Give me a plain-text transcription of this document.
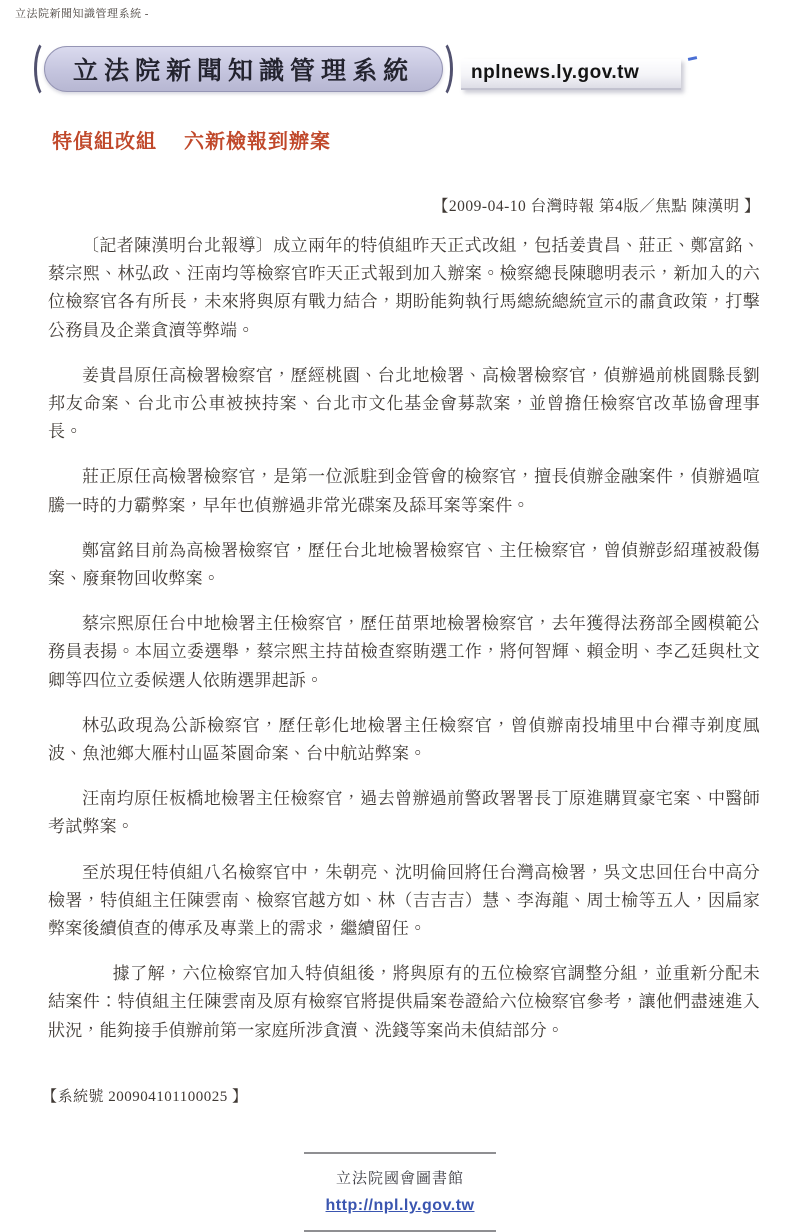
立法院新聞知識管理系統 -
立法院新聞知識管理系統	nplnews.ly.gov.tw
特偵組改組　 六新檢報到辦案
【2009-04-10 台灣時報 第4版／焦點 陳漢明 】

〔記者陳漢明台北報導〕成立兩年的特偵組昨天正式改組，包括姜貴昌、莊正、鄭富銘、蔡宗熙、林弘政、汪南均等檢察官昨天正式報到加入辦案。檢察總長陳聰明表示，新加入的六位檢察官各有所長，未來將與原有戰力結合，期盼能夠執行馬總統總統宣示的肅貪政策，打擊公務員及企業貪瀆等弊端。

姜貴昌原任高檢署檢察官，歷經桃園、台北地檢署、高檢署檢察官，偵辦過前桃園縣長劉邦友命案、台北市公車被挾持案、台北市文化基金會募款案，並曾擔任檢察官改革協會理事長。

莊正原任高檢署檢察官，是第一位派駐到金管會的檢察官，擅長偵辦金融案件，偵辦過喧騰一時的力霸弊案，早年也偵辦過非常光碟案及舔耳案等案件。

鄭富銘目前為高檢署檢察官，歷任台北地檢署檢察官、主任檢察官，曾偵辦彭紹瑾被殺傷案、廢棄物回收弊案。

蔡宗熙原任台中地檢署主任檢察官，歷任苗栗地檢署檢察官，去年獲得法務部全國模範公務員表揚。本屆立委選舉，蔡宗熙主持苗檢查察賄選工作，將何智輝、賴金明、李乙廷與杜文卿等四位立委候選人依賄選罪起訴。

林弘政現為公訴檢察官，歷任彰化地檢署主任檢察官，曾偵辦南投埔里中台禪寺剃度風波、魚池鄉大雁村山區茶園命案、台中航站弊案。

汪南均原任板橋地檢署主任檢察官，過去曾辦過前警政署署長丁原進購買豪宅案、中醫師考試弊案。

至於現任特偵組八名檢察官中，朱朝亮、沈明倫回將任台灣高檢署，吳文忠回任台中高分檢署，特偵組主任陳雲南、檢察官越方如、林（吉吉吉）慧、李海龍、周士榆等五人，因扁家弊案後續偵查的傳承及專業上的需求，繼續留任。

據了解，六位檢察官加入特偵組後，將與原有的五位檢察官調整分組，並重新分配未結案件：特偵組主任陳雲南及原有檢察官將提供扁案卷證給六位檢察官參考，讓他們盡速進入狀況，能夠接手偵辦前第一家庭所涉貪瀆、洗錢等案尚未偵結部分。

【系統號 200904101100025 】
立法院國會圖書館
http://npl.ly.gov.tw
